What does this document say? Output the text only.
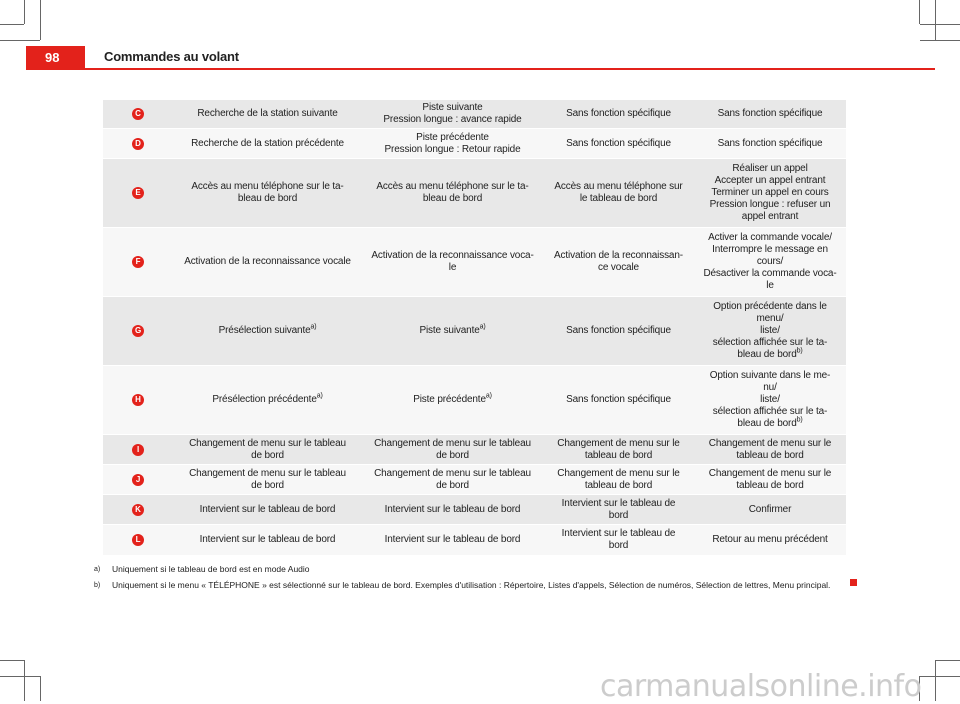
98	Commandes au volant
C	Recherche de la station suivante	Piste suivante
Pression longue : avance rapide	Sans fonction spécifique	Sans fonction spécifique

D	Recherche de la station précédente	Piste précédente
Pression longue : Retour rapide	Sans fonction spécifique	Sans fonction spécifique

E	Accès au menu téléphone sur le ta-
bleau de bord	Accès au menu téléphone sur le ta-
bleau de bord	Accès au menu téléphone sur
le tableau de bord	Réaliser un appel
Accepter un appel entrant
Terminer un appel en cours
Pression longue : refuser un
appel entrant

F	Activation de la reconnaissance vocale	Activation de la reconnaissance voca-
le	Activation de la reconnaissan-
ce vocale	Activer la commande vocale/
Interrompre le message en
cours/
Désactiver la commande voca-
le

G	Présélection suivante$^{a)}$	Piste suivante$^{a)}$	Sans fonction spécifique	Option précédente dans le
menu/
liste/
sélection affichée sur le ta-
bleau de bord$^{b)}$

H	Présélection précédente$^{a)}$	Piste précédente$^{a)}$	Sans fonction spécifique	Option suivante dans le me-
nu/
liste/
sélection affichée sur le ta-
bleau de bord$^{b)}$

I	Changement de menu sur le tableau
de bord	Changement de menu sur le tableau
de bord	Changement de menu sur le
tableau de bord	Changement de menu sur le
tableau de bord

J	Changement de menu sur le tableau
de bord	Changement de menu sur le tableau
de bord	Changement de menu sur le
tableau de bord	Changement de menu sur le
tableau de bord

K	Intervient sur le tableau de bord	Intervient sur le tableau de bord	Intervient sur le tableau de
bord	Confirmer

L	Intervient sur le tableau de bord	Intervient sur le tableau de bord	Intervient sur le tableau de
bord	Retour au menu précédent
a)	Uniquement si le tableau de bord est en mode Audio
b)	Uniquement si le menu « TÉLÉPHONE » est sélectionné sur le tableau de bord. Exemples d'utilisation : Répertoire, Listes d'appels, Sélection de numéros, Sélection de lettres, Menu principal.
carmanualsonline.info
